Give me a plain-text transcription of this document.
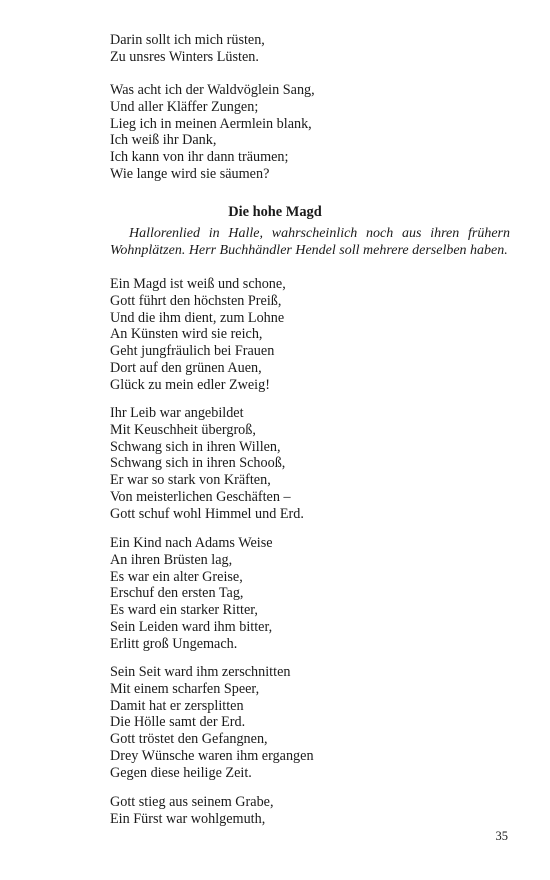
Darin sollt ich mich rüsten,
Zu unsres Winters Lüsten.
Was acht ich der Waldvöglein Sang,
Und aller Kläffer Zungen;
Lieg ich in meinen Aermlein blank,
Ich weiß ihr Dank,
Ich kann von ihr dann träumen;
Wie lange wird sie säumen?
Die hohe Magd
Hallorenlied in Halle, wahrscheinlich noch aus ihren frühern Wohnplätzen. Herr Buchhändler Hendel soll mehrere derselben haben.
Ein Magd ist weiß und schone,
Gott führt den höchsten Preiß,
Und die ihm dient, zum Lohne
An Künsten wird sie reich,
Geht jungfräulich bei Frauen
Dort auf den grünen Auen,
Glück zu mein edler Zweig!
Ihr Leib war angebildet
Mit Keuschheit übergroß,
Schwang sich in ihren Willen,
Schwang sich in ihren Schooß,
Er war so stark von Kräften,
Von meisterlichen Geschäften –
Gott schuf wohl Himmel und Erd.
Ein Kind nach Adams Weise
An ihren Brüsten lag,
Es war ein alter Greise,
Erschuf den ersten Tag,
Es ward ein starker Ritter,
Sein Leiden ward ihm bitter,
Erlitt groß Ungemach.
Sein Seit ward ihm zerschnitten
Mit einem scharfen Speer,
Damit hat er zersplitten
Die Hölle samt der Erd.
Gott tröstet den Gefangnen,
Drey Wünsche waren ihm ergangen
Gegen diese heilige Zeit.
Gott stieg aus seinem Grabe,
Ein Fürst war wohlgemuth,
35
